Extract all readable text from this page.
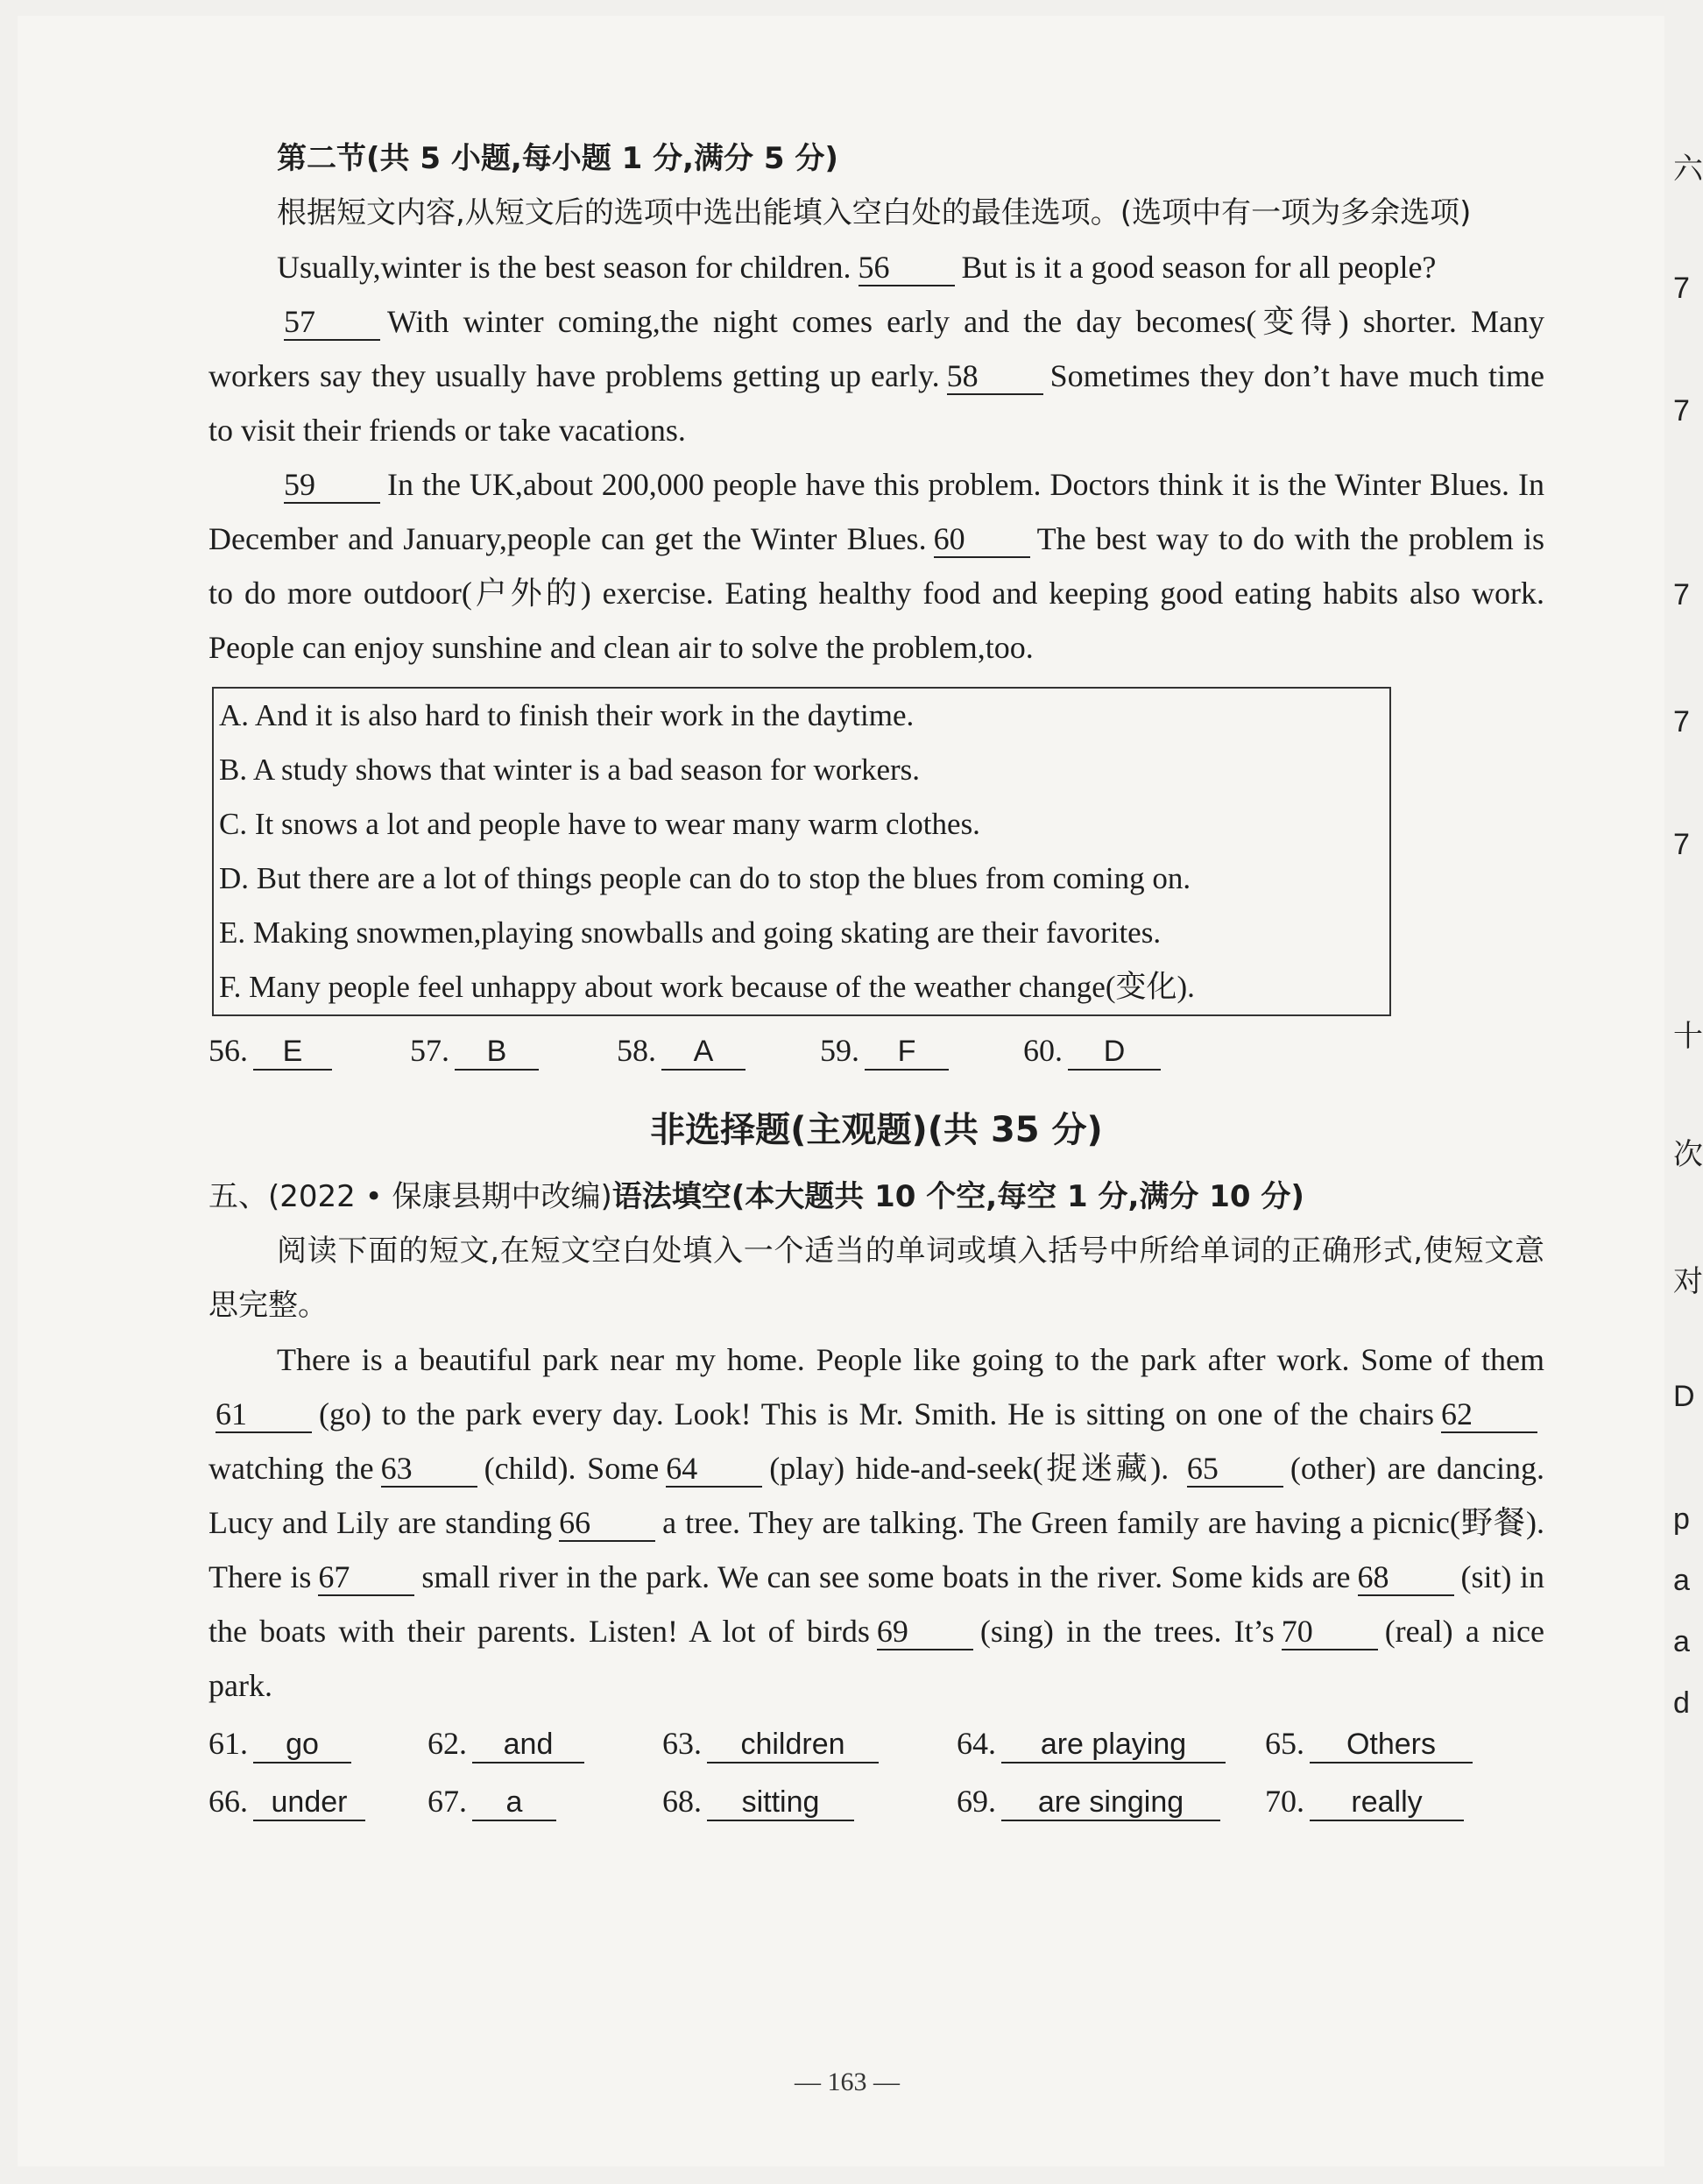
第二节(共 5 小题,每小题 1 分,满分 5 分)

根据短文内容,从短文后的选项中选出能填入空白处的最佳选项。(选项中有一项为多余选项)

Usually,winter is the best season for children. 56 But is it a good season for all people?

57 With winter coming,the night comes early and the day becomes(变得) shorter. Many workers say they usually have problems getting up early. 58 Sometimes they don’t have much time to visit their friends or take vacations.

59 In the UK,about 200,000 people have this problem. Doctors think it is the Winter Blues. In December and January,people can get the Winter Blues. 60 The best way to do with the problem is to do more outdoor(户外的) exercise. Eating healthy food and keeping good eating habits also work. People can enjoy sunshine and clean air to solve the problem,too.

A. And it is also hard to finish their work in the daytime.
B. A study shows that winter is a bad season for workers.
C. It snows a lot and people have to wear many warm clothes.
D. But there are a lot of things people can do to stop the blues from coming on.
E. Making snowmen,playing snowballs and going skating are their favorites.
F. Many people feel unhappy about work because of the weather change(变化).
56.	E	57.	B	58.	A	59.	F	60.	D
非选择题(主观题)(共 35 分)

五、(2022 • 保康县期中改编)语法填空(本大题共 10 个空,每空 1 分,满分 10 分)

阅读下面的短文,在短文空白处填入一个适当的单词或填入括号中所给单词的正确形式,使短文意思完整。

There is a beautiful park near my home. People like going to the park after work. Some of them61 (go) to the park every day. Look! This is Mr. Smith. He is sitting on one of the chairs 62watching the 63 (child). Some 64 (play) hide-and-seek(捉迷藏). 65 (other) are dancing. Lucy and Lily are standing 66 a tree. They are talking. The Green family are having a picnic(野餐). There is 67 small river in the park. We can see some boats in the river. Some kids are 68 (sit) in the boats with their parents. Listen! A lot of birds 69 (sing) in the trees. It’s 70 (real) a nice park.

61.	go	62.	and	63.	children	64.	are playing	65.	Others
66. under	67.	a	68.	sitting	69.	are singing	70.	really
— 163 —
六
7
7
7
7
7
十
次
对
D
p
a
a
d
